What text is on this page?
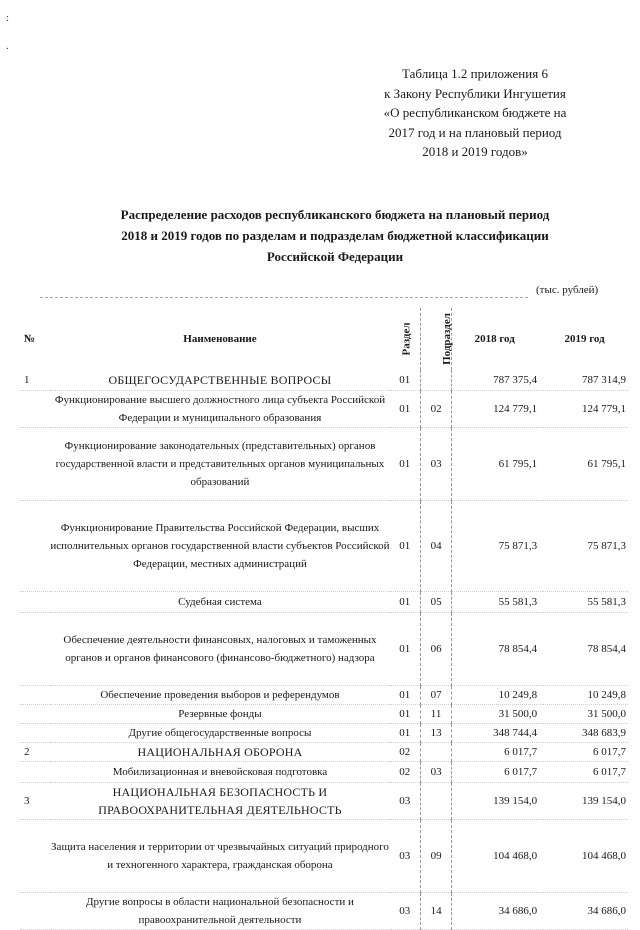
:
.
Таблица 1.2 приложения 6
к Закону Республики Ингушетия
«О республиканском бюджете на
2017 год и на плановый период
2018 и 2019 годов»
Распределение расходов республиканского бюджета на плановый период
2018 и 2019 годов по разделам и подразделам бюджетной классификации
Российской Федерации
(тыс. рублей)
№	Наименование	Раздел	Подраздел	2018 год	2019 год
1	ОБЩЕГОСУДАРСТВЕННЫЕ ВОПРОСЫ	01		787 375,4	787 314,9
	Функционирование высшего должностного лица субъекта Российской Федерации и муниципального образования	01	02	124 779,1	124 779,1
	Функционирование законодательных (представительных) органов государственной власти и представительных органов муниципальных образований	01	03	61 795,1	61 795,1
	Функционирование Правительства Российской Федерации, высших исполнительных органов государственной власти субъектов Российской Федерации, местных администраций	01	04	75 871,3	75 871,3
	Судебная система	01	05	55 581,3	55 581,3
	Обеспечение деятельности финансовых, налоговых и таможенных органов и органов финансового (финансово-бюджетного) надзора	01	06	78 854,4	78 854,4
	Обеспечение проведения выборов и референдумов	01	07	10 249,8	10 249,8
	Резервные фонды	01	11	31 500,0	31 500,0
	Другие общегосударственные вопросы	01	13	348 744,4	348 683,9
2	НАЦИОНАЛЬНАЯ ОБОРОНА	02		6 017,7	6 017,7
	Мобилизационная и вневойсковая подготовка	02	03	6 017,7	6 017,7
3	НАЦИОНАЛЬНАЯ БЕЗОПАСНОСТЬ И ПРАВООХРАНИТЕЛЬНАЯ ДЕЯТЕЛЬНОСТЬ	03		139 154,0	139 154,0
	Защита населения и территории от чрезвычайных ситуаций природного и техногенного характера, гражданская оборона	03	09	104 468,0	104 468,0
	Другие вопросы в области национальной безопасности и правоохранительной деятельности	03	14	34 686,0	34 686,0
